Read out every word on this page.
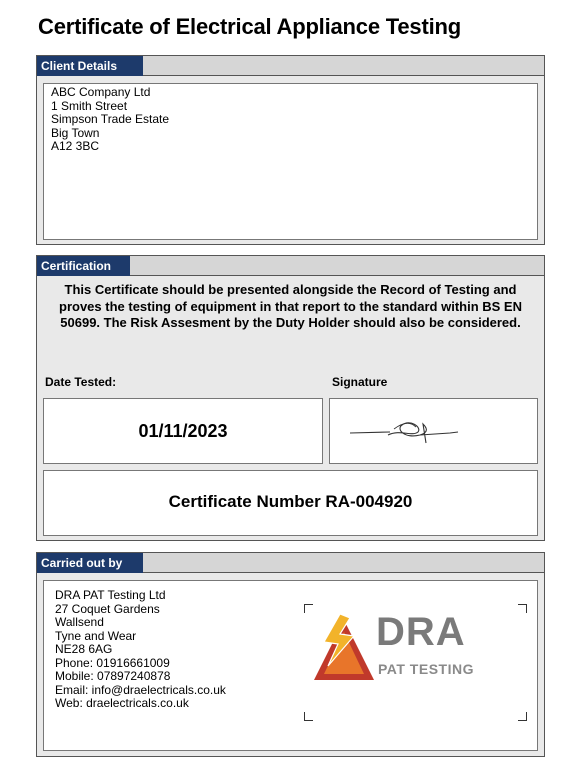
Certificate of Electrical Appliance Testing
Client Details
ABC Company Ltd
1 Smith Street
Simpson Trade Estate
Big Town
A12 3BC
Certification
This Certificate should be presented alongside the Record of Testing and proves the testing of equipment in that report to the standard within BS EN 50699. The Risk Assesment by the Duty Holder should also be considered.
Date Tested:	Signature
01/11/2023
Certificate Number RA-004920
Carried out by
DRA PAT Testing Ltd
27 Coquet Gardens
Wallsend
Tyne and Wear
NE28 6AG
Phone: 01916661009
Mobile: 07897240878
Email: info@draelectricals.co.uk
Web: draelectricals.co.uk
DRA
PAT TESTING
